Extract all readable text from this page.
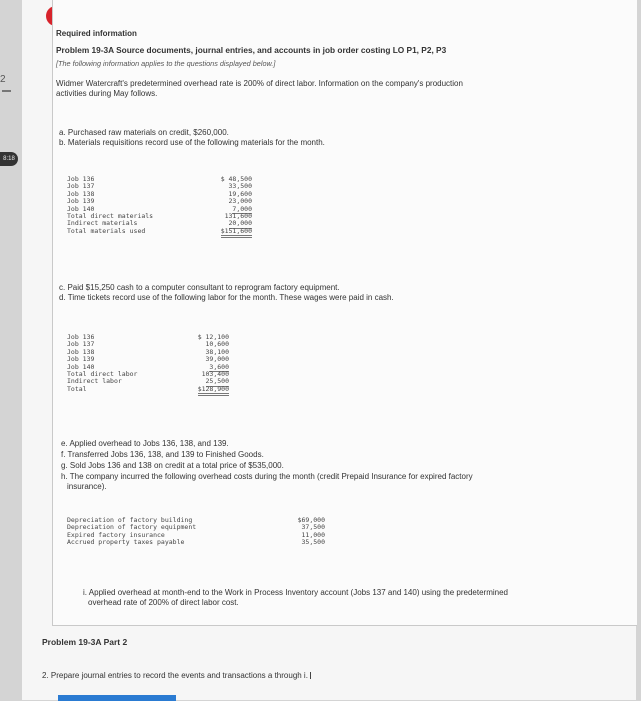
Required information
Problem 19-3A Source documents, journal entries, and accounts in job order costing LO P1, P2, P3
[The following information applies to the questions displayed below.]
Widmer Watercraft's predetermined overhead rate is 200% of direct labor. Information on the company's production
activities during May follows.
a. Purchased raw materials on credit, $260,000.
b. Materials requisitions record use of the following materials for the month.
Job 136	$ 48,500
Job 137	33,500
Job 138	19,600
Job 139	23,000
Job 140	7,000
Total direct materials	131,600
Indirect materials	20,000
Total materials used	$151,600
c. Paid $15,250 cash to a computer consultant to reprogram factory equipment.
d. Time tickets record use of the following labor for the month. These wages were paid in cash.
Job 136	$ 12,100
Job 137	10,600
Job 138	38,100
Job 139	39,000
Job 140	3,600
Total direct labor	103,400
Indirect labor	25,500
Total	$128,900
e. Applied overhead to Jobs 136, 138, and 139.
f. Transferred Jobs 136, 138, and 139 to Finished Goods.
g. Sold Jobs 136 and 138 on credit at a total price of $535,000.
h. The company incurred the following overhead costs during the month (credit Prepaid Insurance for expired factory
insurance).
Depreciation of factory building	$69,000
Depreciation of factory equipment	37,500
Expired factory insurance	11,000
Accrued property taxes payable	35,500
i. Applied overhead at month-end to the Work in Process Inventory account (Jobs 137 and 140) using the predetermined
overhead rate of 200% of direct labor cost.
Problem 19-3A Part 2
2. Prepare journal entries to record the events and transactions a through i.
2
8:18
